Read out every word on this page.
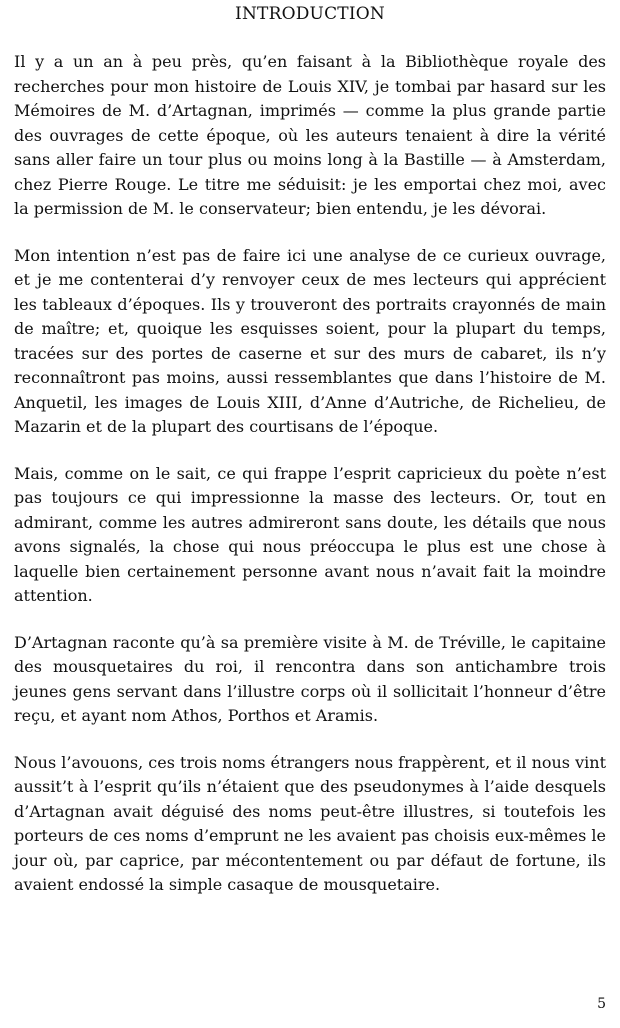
INTRODUCTION

Il y a un an à peu près, qu’en faisant à la Bibliothèque royale des recherches pour mon histoire de Louis XIV, je tombai par hasard sur les Mémoires de M. d’Artagnan, imprimés — comme la plus grande partie des ouvrages de cette époque, où les auteurs tenaient à dire la vérité sans aller faire un tour plus ou moins long à la Bastille — à Amsterdam, chez Pierre Rouge. Le titre me séduisit: je les emportai chez moi, avec la permission de M. le conservateur; bien entendu, je les dévorai.

Mon intention n’est pas de faire ici une analyse de ce curieux ouvrage, et je me contenterai d’y renvoyer ceux de mes lecteurs qui apprécient les tableaux d’époques. Ils y trouveront des portraits crayonnés de main de maître; et, quoique les esquisses soient, pour la plupart du temps, tracées sur des portes de caserne et sur des murs de cabaret, ils n’y reconnaîtront pas moins, aussi ressemblantes que dans l’histoire de M. Anquetil, les images de Louis XIII, d’Anne d’Autriche, de Richelieu, de Mazarin et de la plupart des courtisans de l’époque.

Mais, comme on le sait, ce qui frappe l’esprit capricieux du poète n’est pas toujours ce qui impressionne la masse des lecteurs. Or, tout en admirant, comme les autres admireront sans doute, les détails que nous avons signalés, la chose qui nous préoccupa le plus est une chose à laquelle bien certainement personne avant nous n’avait fait la moindre attention.

D’Artagnan raconte qu’à sa première visite à M. de Tréville, le capitaine des mousquetaires du roi, il rencontra dans son antichambre trois jeunes gens servant dans l’illustre corps où il sollicitait l’honneur d’être reçu, et ayant nom Athos, Porthos et Aramis.

Nous l’avouons, ces trois noms étrangers nous frappèrent, et il nous vint aussit’t à l’esprit qu’ils n’étaient que des pseudonymes à l’aide desquels d’Artagnan avait déguisé des noms peut-être illustres, si toutefois les porteurs de ces noms d’emprunt ne les avaient pas choisis eux-mêmes le jour où, par caprice, par mécontentement ou par défaut de fortune, ils avaient endossé la simple casaque de mousquetaire.

5
